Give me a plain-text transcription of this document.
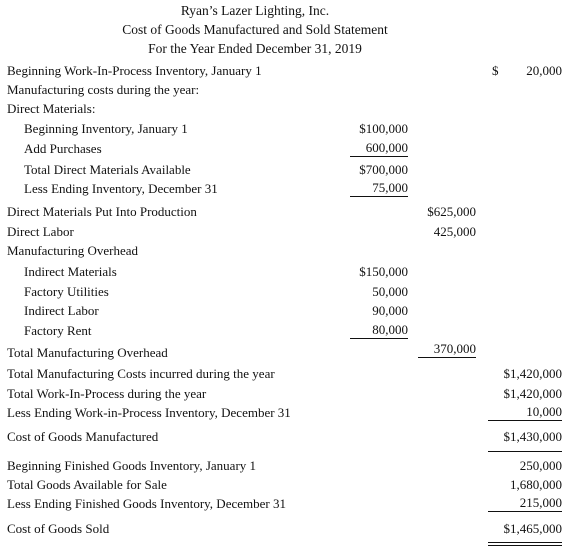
Ryan’s Lazer Lighting, Inc.
Cost of Goods Manufactured and Sold Statement
For the Year Ended December 31, 2019
Beginning Work-In-Process Inventory, January 1	$	20,000
Manufacturing costs during the year:
Direct Materials:
Beginning Inventory, January 1	$100,000
Add Purchases	600,000
Total Direct Materials Available	$700,000
Less Ending Inventory, December 31	75,000
Direct Materials Put Into Production	$625,000
Direct Labor	425,000
Manufacturing Overhead
Indirect Materials	$150,000
Factory Utilities	50,000
Indirect Labor	90,000
Factory Rent	80,000
Total Manufacturing Overhead	370,000
Total Manufacturing Costs incurred during the year	$1,420,000
Total Work-In-Process during the year	$1,420,000
Less Ending Work-in-Process Inventory, December 31	10,000
Cost of Goods Manufactured	$1,430,000
Beginning Finished Goods Inventory, January 1	250,000
Total Goods Available for Sale	1,680,000
Less Ending Finished Goods Inventory, December 31	215,000
Cost of Goods Sold	$1,465,000
